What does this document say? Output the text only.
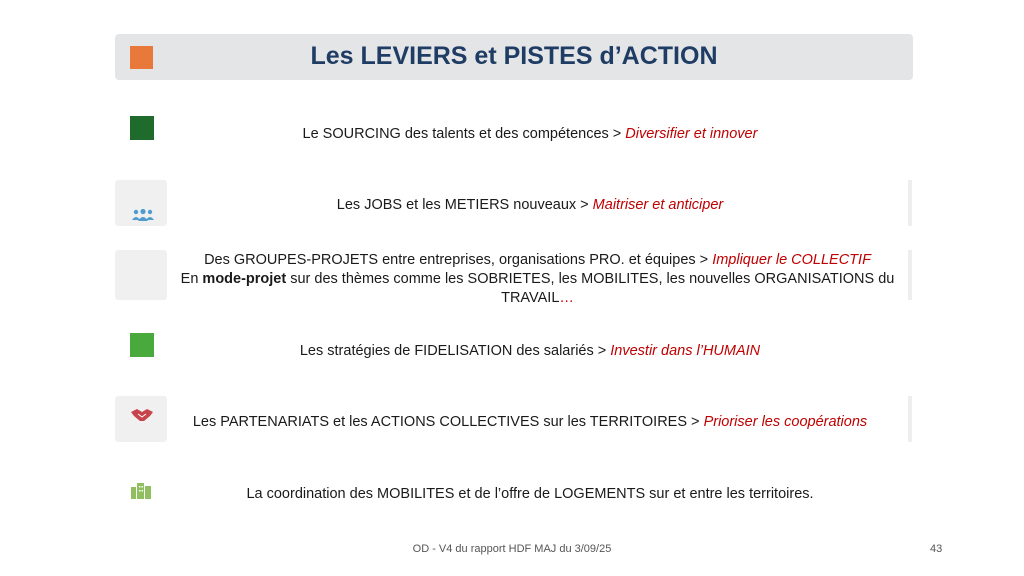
Les LEVIERS et PISTES d’ACTION
Le SOURCING des talents et des compétences > Diversifier et innover
Les JOBS et les METIERS nouveaux > Maitriser et anticiper
Des GROUPES-PROJETS entre entreprises, organisations PRO. et équipes > Impliquer le COLLECTIF
En mode-projet sur des thèmes comme les SOBRIETES, les MOBILITES, les nouvelles ORGANISATIONS du TRAVAIL…
Les stratégies de FIDELISATION des salariés > Investir dans l’HUMAIN
Les PARTENARIATS et les ACTIONS COLLECTIVES sur les TERRITOIRES > Prioriser les coopérations
La coordination des MOBILITES et de l’offre de LOGEMENTS sur et entre les territoires.
OD - V4 du rapport HDF MAJ du 3/09/25	43
